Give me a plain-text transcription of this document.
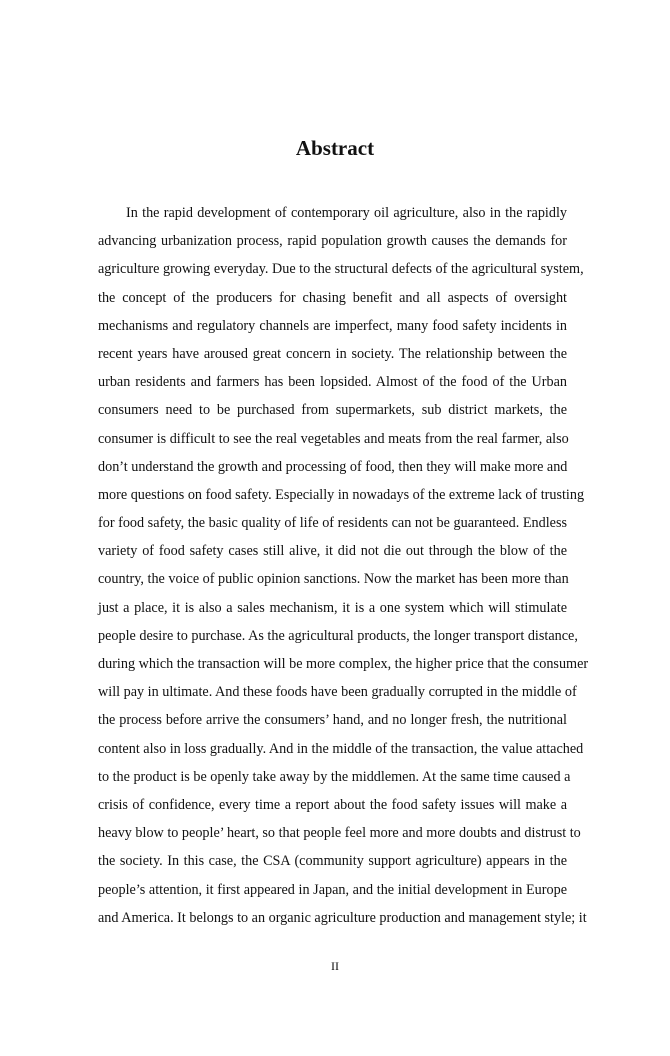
Abstract
In the rapid development of contemporary oil agriculture, also in the rapidly
advancing urbanization process, rapid population growth causes the demands for
agriculture growing everyday. Due to the structural defects of the agricultural system,
the concept of the producers for chasing benefit and all aspects of oversight
mechanisms and regulatory channels are imperfect, many food safety incidents in
recent years have aroused great concern in society. The relationship between the
urban residents and farmers has been lopsided. Almost of the food of the Urban
consumers need to be purchased from supermarkets, sub district markets, the
consumer is difficult to see the real vegetables and meats from the real farmer, also
don’t understand the growth and processing of food, then they will make more and
more questions on food safety. Especially in nowadays of the extreme lack of trusting
for food safety, the basic quality of life of residents can not be guaranteed. Endless
variety of food safety cases still alive, it did not die out through the blow of the
country, the voice of public opinion sanctions. Now the market has been more than
just a place, it is also a sales mechanism, it is a one system which will stimulate
people desire to purchase. As the agricultural products, the longer transport distance,
during which the transaction will be more complex, the higher price that the consumer
will pay in ultimate. And these foods have been gradually corrupted in the middle of
the process before arrive the consumers’ hand, and no longer fresh, the nutritional
content also in loss gradually. And in the middle of the transaction, the value attached
to the product is be openly take away by the middlemen. At the same time caused a
crisis of confidence, every time a report about the food safety issues will make a
heavy blow to people’ heart, so that people feel more and more doubts and distrust to
the society. In this case, the CSA (community support agriculture) appears in the
people’s attention, it first appeared in Japan, and the initial development in Europe
and America. It belongs to an organic agriculture production and management style; it
II
